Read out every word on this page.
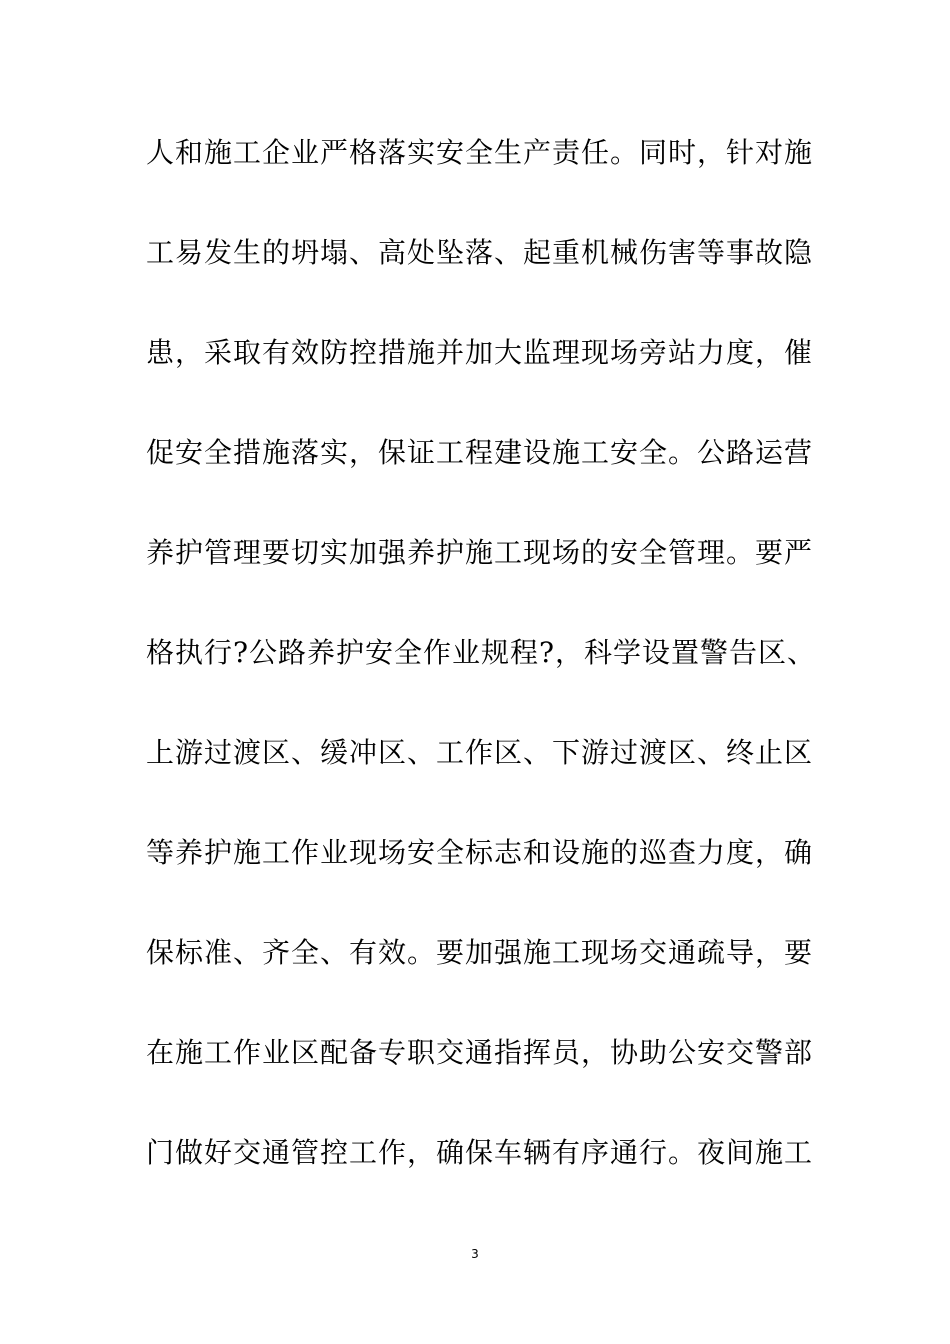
人和施工企业严格落实安全生产责任。同时，针对施
工易发生的坍塌、高处坠落、起重机械伤害等事故隐
患，采取有效防控措施并加大监理现场旁站力度，催
促安全措施落实，保证工程建设施工安全。公路运营
养护管理要切实加强养护施工现场的安全管理。要严
格执行?公路养护安全作业规程?，科学设置警告区、
上游过渡区、缓冲区、工作区、下游过渡区、终止区
等养护施工作业现场安全标志和设施的巡查力度，确
保标准、齐全、有效。要加强施工现场交通疏导，要
在施工作业区配备专职交通指挥员，协助公安交警部
门做好交通管控工作，确保车辆有序通行。夜间施工
3
